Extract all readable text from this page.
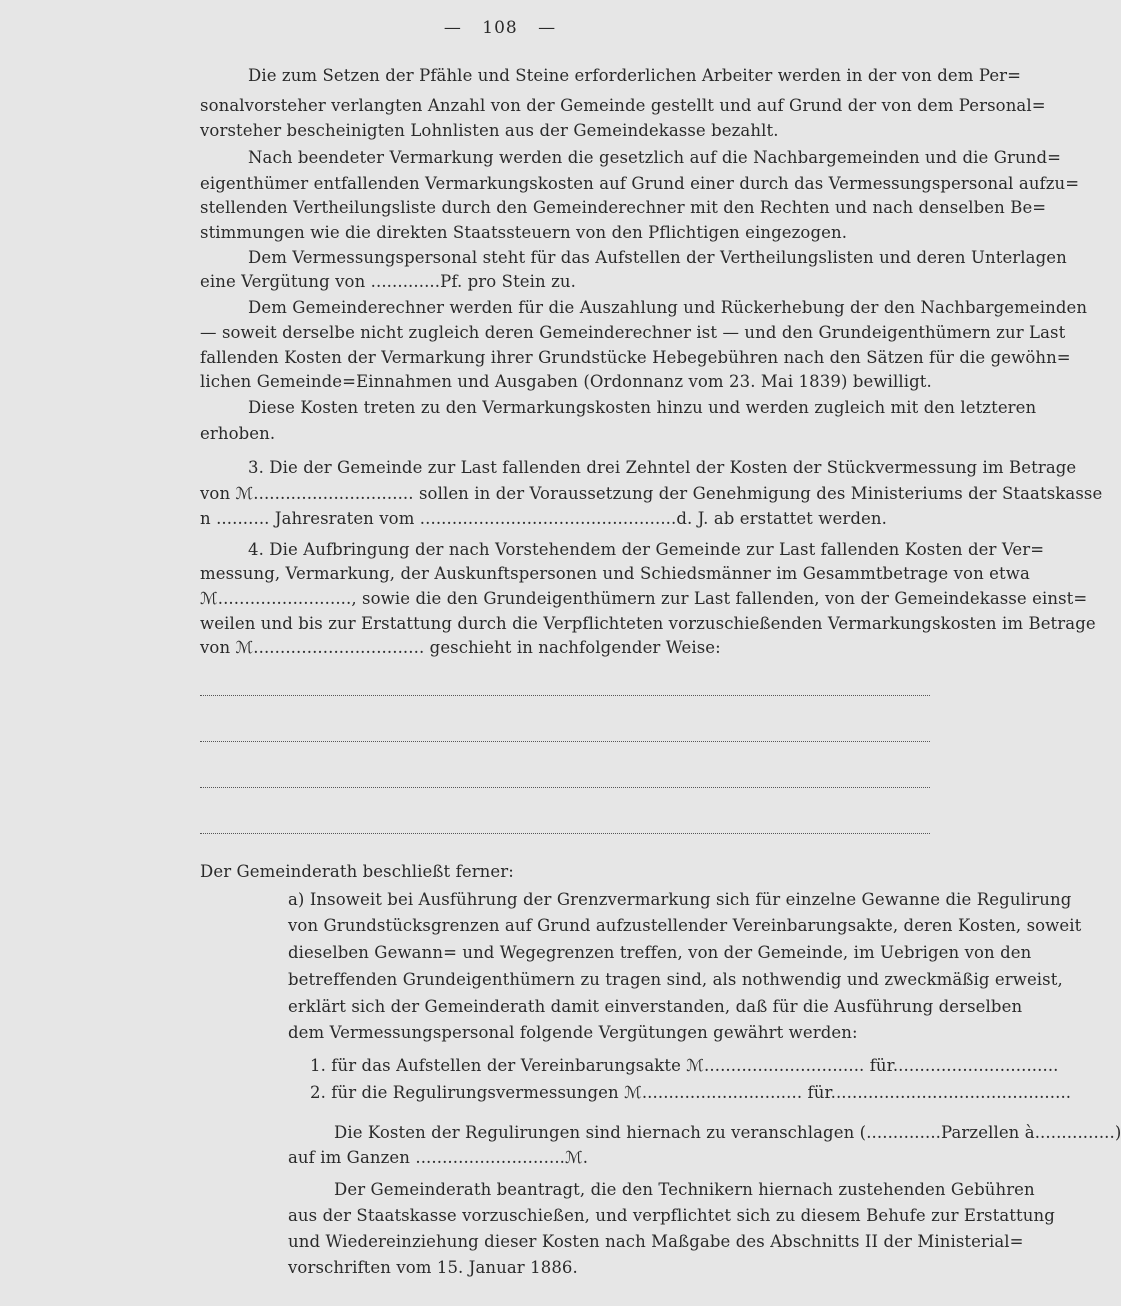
— 108 —
Die zum Setzen der Pfähle und Steine erforderlichen Arbeiter werden in der von dem Per=
sonalvorsteher verlangten Anzahl von der Gemeinde gestellt und auf Grund der von dem Personal=
vorsteher bescheinigten Lohnlisten aus der Gemeindekasse bezahlt.
Nach beendeter Vermarkung werden die gesetzlich auf die Nachbargemeinden und die Grund=
eigenthümer entfallenden Vermarkungskosten auf Grund einer durch das Vermessungspersonal aufzu=
stellenden Vertheilungsliste durch den Gemeinderechner mit den Rechten und nach denselben Be=
stimmungen wie die direkten Staatssteuern von den Pflichtigen eingezogen.
Dem Vermessungspersonal steht für das Aufstellen der Vertheilungslisten und deren Unterlagen
eine Vergütung von .............Pf. pro Stein zu.
Dem Gemeinderechner werden für die Auszahlung und Rückerhebung der den Nachbargemeinden
— soweit derselbe nicht zugleich deren Gemeinderechner ist — und den Grundeigenthümern zur Last
fallenden Kosten der Vermarkung ihrer Grundstücke Hebegebühren nach den Sätzen für die gewöhn=
lichen Gemeinde=Einnahmen und Ausgaben (Ordonnanz vom 23. Mai 1839) bewilligt.
Diese Kosten treten zu den Vermarkungskosten hinzu und werden zugleich mit den letzteren
erhoben.
3. Die der Gemeinde zur Last fallenden drei Zehntel der Kosten der Stückvermessung im Betrage
von ℳ.............................. sollen in der Voraussetzung der Genehmigung des Ministeriums der Staatskasse
n .......... Jahresraten vom ................................................d. J. ab erstattet werden.
4. Die Aufbringung der nach Vorstehendem der Gemeinde zur Last fallenden Kosten der Ver=
messung, Vermarkung, der Auskunftspersonen und Schiedsmänner im Gesammtbetrage von etwa
ℳ........................., sowie die den Grundeigenthümern zur Last fallenden, von der Gemeindekasse einst=
weilen und bis zur Erstattung durch die Verpflichteten vorzuschießenden Vermarkungskosten im Betrage
von ℳ................................ geschieht in nachfolgender Weise:
Der Gemeinderath beschließt ferner:
a) Insoweit bei Ausführung der Grenzvermarkung sich für einzelne Gewanne die Regulirung
von Grundstücksgrenzen auf Grund aufzustellender Vereinbarungsakte, deren Kosten, soweit
dieselben Gewann= und Wegegrenzen treffen, von der Gemeinde, im Uebrigen von den
betreffenden Grundeigenthümern zu tragen sind, als nothwendig und zweckmäßig erweist,
erklärt sich der Gemeinderath damit einverstanden, daß für die Ausführung derselben
dem Vermessungspersonal folgende Vergütungen gewährt werden:
1. für das Aufstellen der Vereinbarungsakte ℳ.............................. für...............................
2. für die Regulirungsvermessungen ℳ.............................. für.............................................
Die Kosten der Regulirungen sind hiernach zu veranschlagen (..............Parzellen à...............)
auf im Ganzen ............................ℳ.
Der Gemeinderath beantragt, die den Technikern hiernach zustehenden Gebühren
aus der Staatskasse vorzuschießen, und verpflichtet sich zu diesem Behufe zur Erstattung
und Wiedereinziehung dieser Kosten nach Maßgabe des Abschnitts II der Ministerial=
vorschriften vom 15. Januar 1886.
